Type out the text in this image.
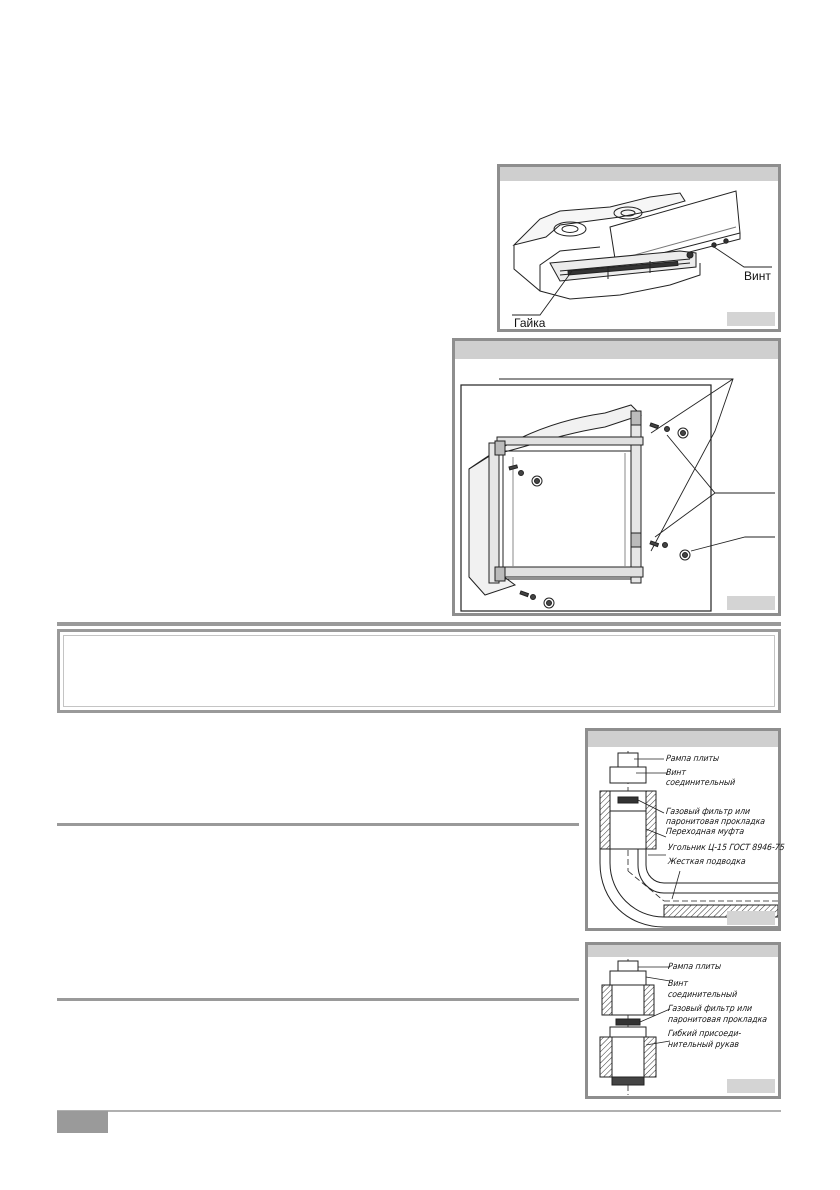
Винт
Гайка
Рампа плиты
Винт
соединительный
Газовый фильтр или
паронитовая прокладка
Переходная муфта
Угольник Ц-15 ГОСТ 8946-75
Жесткая подводка
Рампа плиты
Винт
соединительный
Газовый фильтр или
паронитовая прокладка
Гибкий присоеди-
нительный рукав
